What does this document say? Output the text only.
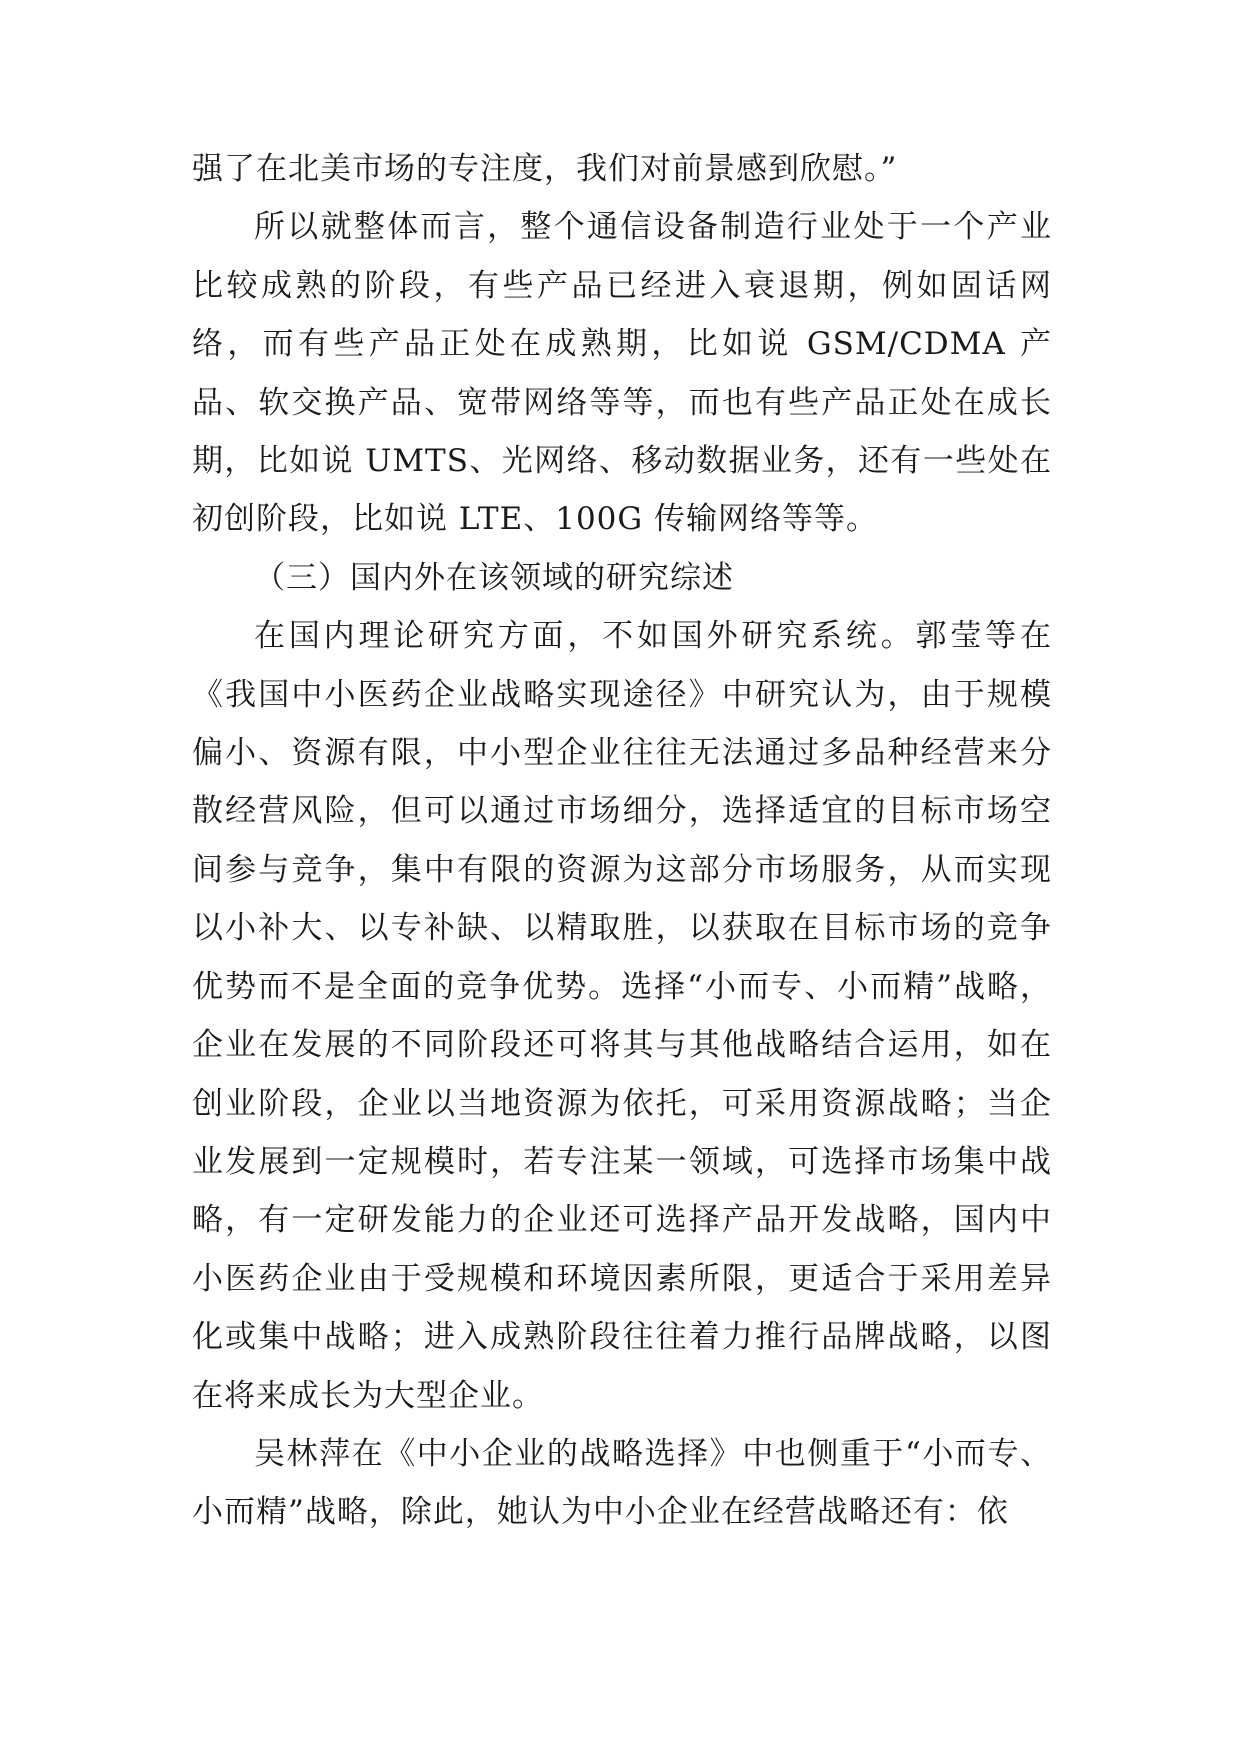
强了在北美市场的专注度，我们对前景感到欣慰。”

所以就整体而言，整个通信设备制造行业处于一个产业比较成熟的阶段，有些产品已经进入衰退期，例如固话网络，而有些产品正处在成熟期，比如说 GSM/CDMA 产品、软交换产品、宽带网络等等，而也有些产品正处在成长期，比如说 UMTS、光网络、移动数据业务，还有一些处在初创阶段，比如说 LTE、100G 传输网络等等。

（三）国内外在该领域的研究综述

在国内理论研究方面，不如国外研究系统。郭莹等在《我国中小医药企业战略实现途径》中研究认为，由于规模偏小、资源有限，中小型企业往往无法通过多品种经营来分散经营风险，但可以通过市场细分，选择适宜的目标市场空间参与竞争，集中有限的资源为这部分市场服务，从而实现以小补大、以专补缺、以精取胜，以获取在目标市场的竞争优势而不是全面的竞争优势。选择“小而专、小而精”战略，企业在发展的不同阶段还可将其与其他战略结合运用，如在创业阶段，企业以当地资源为依托，可采用资源战略；当企业发展到一定规模时，若专注某一领域，可选择市场集中战略，有一定研发能力的企业还可选择产品开发战略，国内中小医药企业由于受规模和环境因素所限，更适合于采用差异化或集中战略；进入成熟阶段往往着力推行品牌战略，以图在将来成长为大型企业。

吴林萍在《中小企业的战略选择》中也侧重于“小而专、小而精”战略，除此，她认为中小企业在经营战略还有：依
